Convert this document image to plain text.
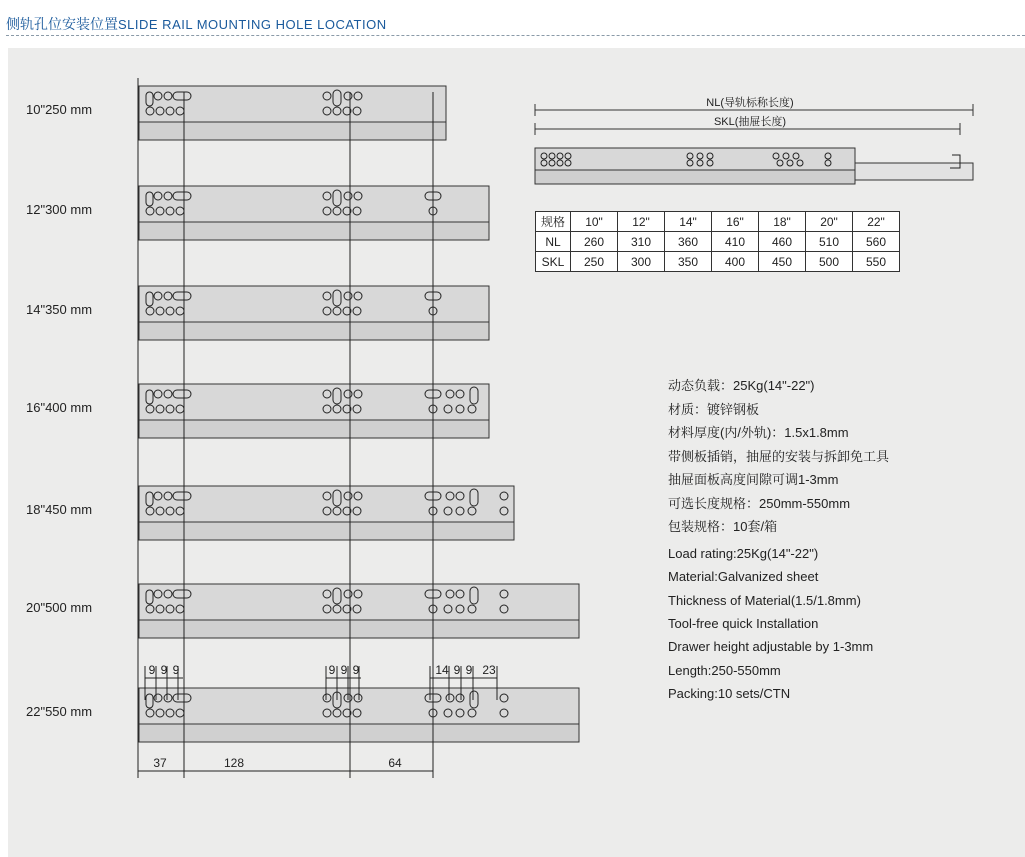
侧轨孔位安装位置SLIDE RAIL MOUNTING HOLE LOCATION
37	128	64
9 9 9	9 9 9	14 9 9 23
NL(导轨标称长度)
SKL(抽屉长度)
10"250 mm
12"300 mm
14"350 mm
16"400 mm
18"450 mm
20"500 mm
22"550 mm
规格	10"	12"	14"	16"	18"	20"	22"
NL	260	310	360	410	460	510	560
SKL	250	300	350	400	450	500	550
动态负载：25Kg(14"-22")
材质：镀锌钢板
材料厚度(内/外轨)：1.5x1.8mm
带侧板插销，抽屉的安装与拆卸免工具
抽屉面板高度间隙可调1-3mm
可选长度规格：250mm-550mm
包装规格：10套/箱
Load rating:25Kg(14"-22")
Material:Galvanized sheet
Thickness of Material(1.5/1.8mm)
Tool-free quick Installation
Drawer height adjustable by 1-3mm
Length:250-550mm
Packing:10 sets/CTN
